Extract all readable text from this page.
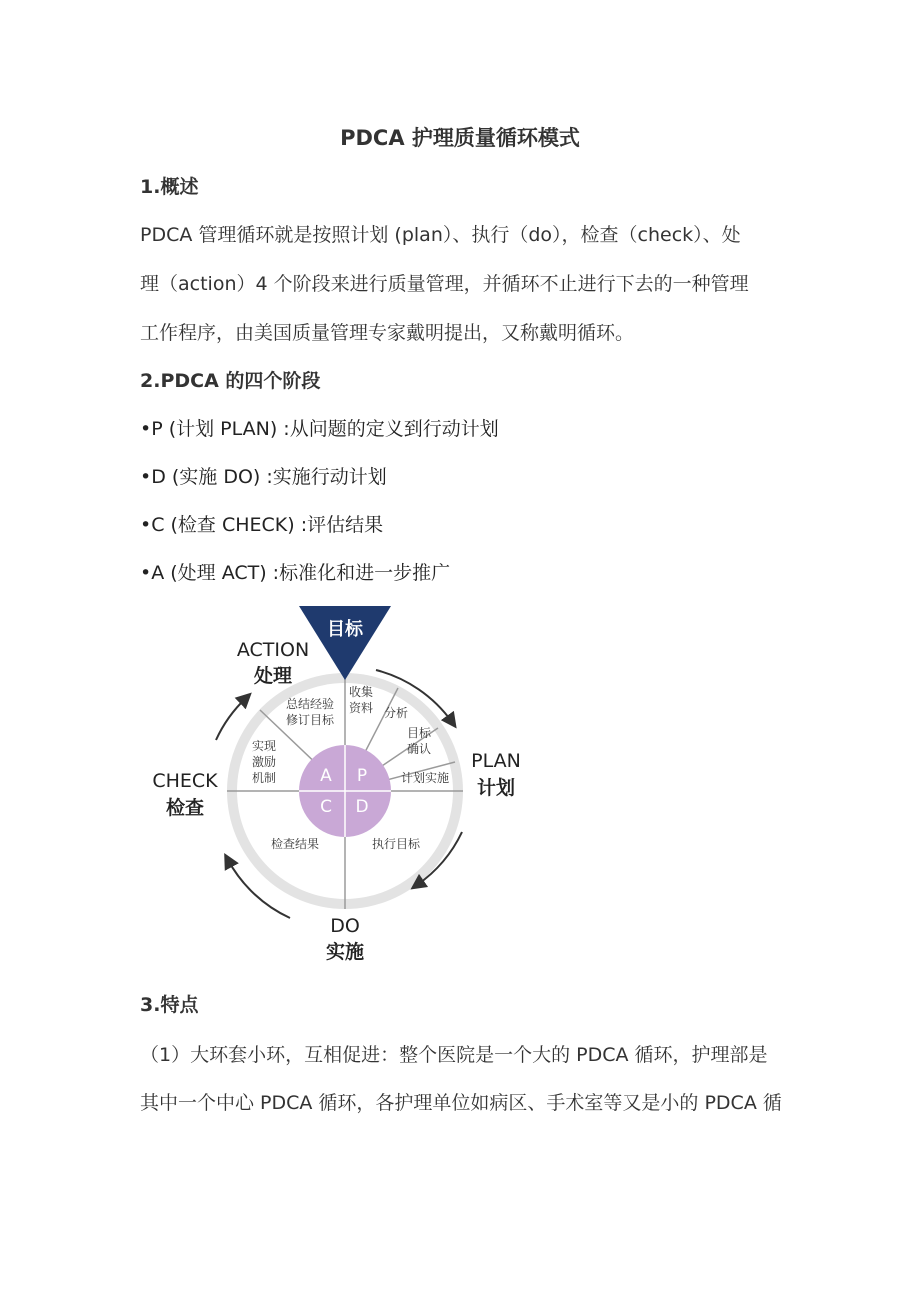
PDCA 护理质量循环模式
1.概述
PDCA 管理循环就是按照计划 (plan）、执行（do），检查（check）、处
理（action）4 个阶段来进行质量管理，并循环不止进行下去的一种管理
工作程序，由美国质量管理专家戴明提出，又称戴明循环。
2.PDCA 的四个阶段
•P (计划 PLAN) :从问题的定义到行动计划
•D (实施 DO) :实施行动计划
•C (检查 CHECK) :评估结果
•A (处理 ACT) :标准化和进一步推广
A P
C D
目标
总结经验
修订目标
收集
资料 分析
目标
确认
计划实施
实现
激励
机制
检查结果	执行目标
ACTION
处理
PLAN
计划
CHECK
检查
DO
实施
3.特点
（1）大环套小环，互相促进：整个医院是一个大的 PDCA 循环，护理部是
其中一个中心 PDCA 循环，各护理单位如病区、手术室等又是小的 PDCA 循
